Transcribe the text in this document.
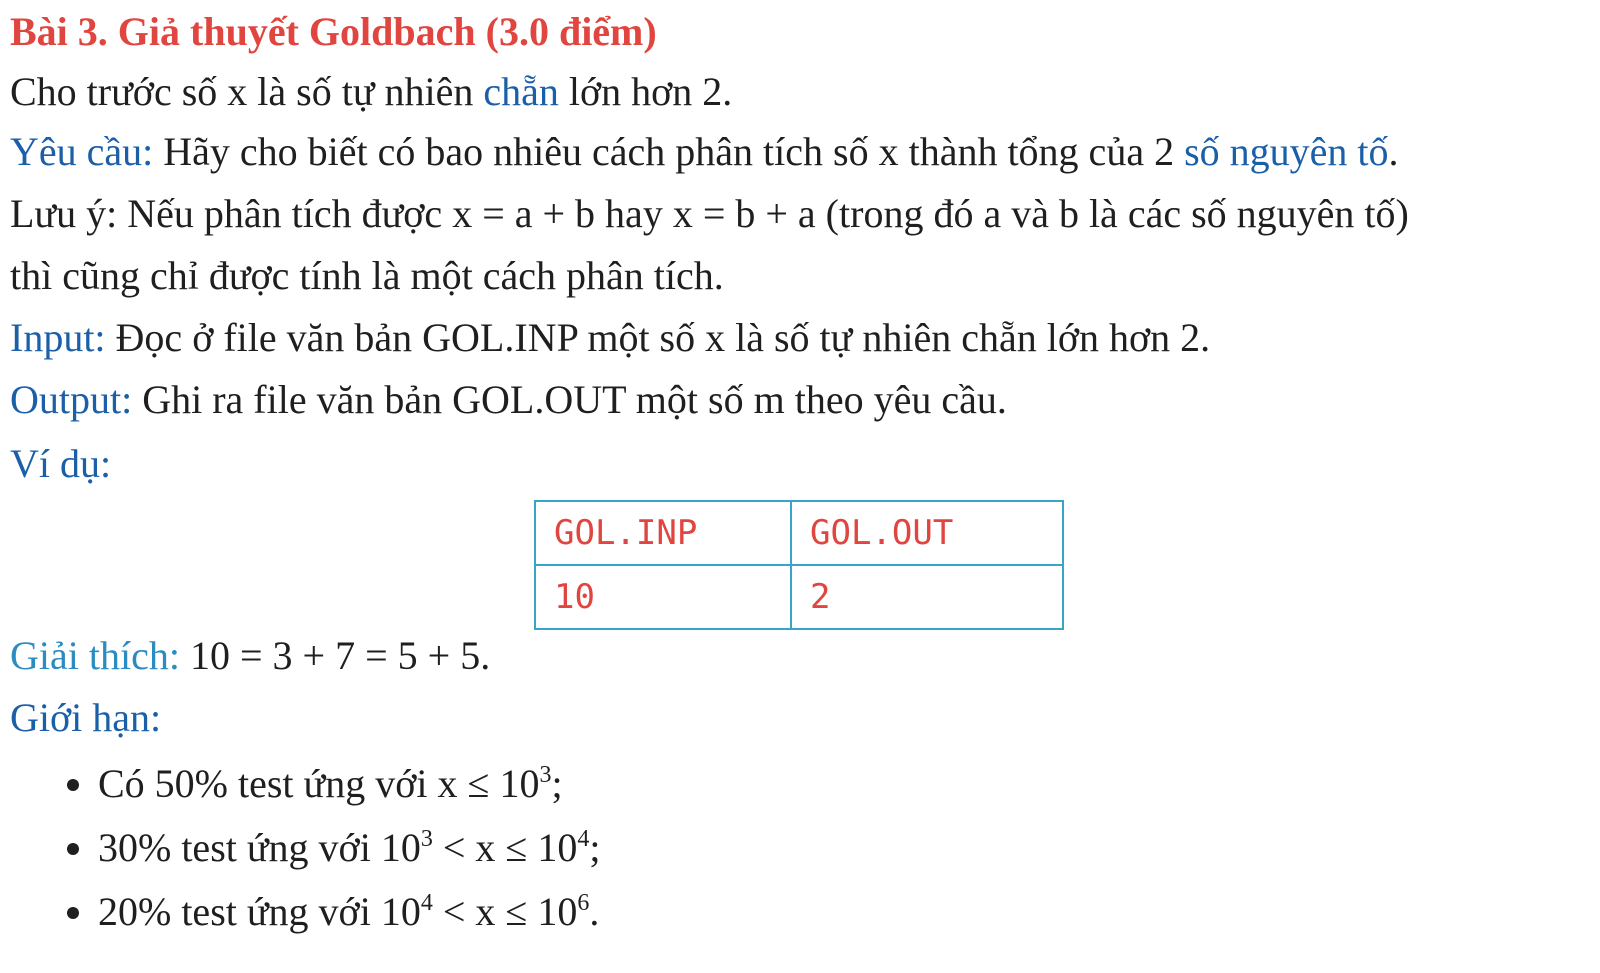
Bài 3. Giả thuyết Goldbach (3.0 điểm)
Cho trước số x là số tự nhiên chẵn lớn hơn 2.
Yêu cầu: Hãy cho biết có bao nhiêu cách phân tích số x thành tổng của 2 số nguyên tố.
Lưu ý: Nếu phân tích được x = a + b hay x = b + a (trong đó a và b là các số nguyên tố)
thì cũng chỉ được tính là một cách phân tích.
Input: Đọc ở file văn bản GOL.INP một số x là số tự nhiên chẵn lớn hơn 2.
Output: Ghi ra file văn bản GOL.OUT một số m theo yêu cầu.
Ví dụ:
GOL.INP	GOL.OUT
10	2
Giải thích: 10 = 3 + 7 = 5 + 5.
Giới hạn:
• Có 50% test ứng với $x \le 10^3$;
• 30% test ứng với $10^3 < x \le 10^4$;
• 20% test ứng với $10^4 < x \le 10^6$.
